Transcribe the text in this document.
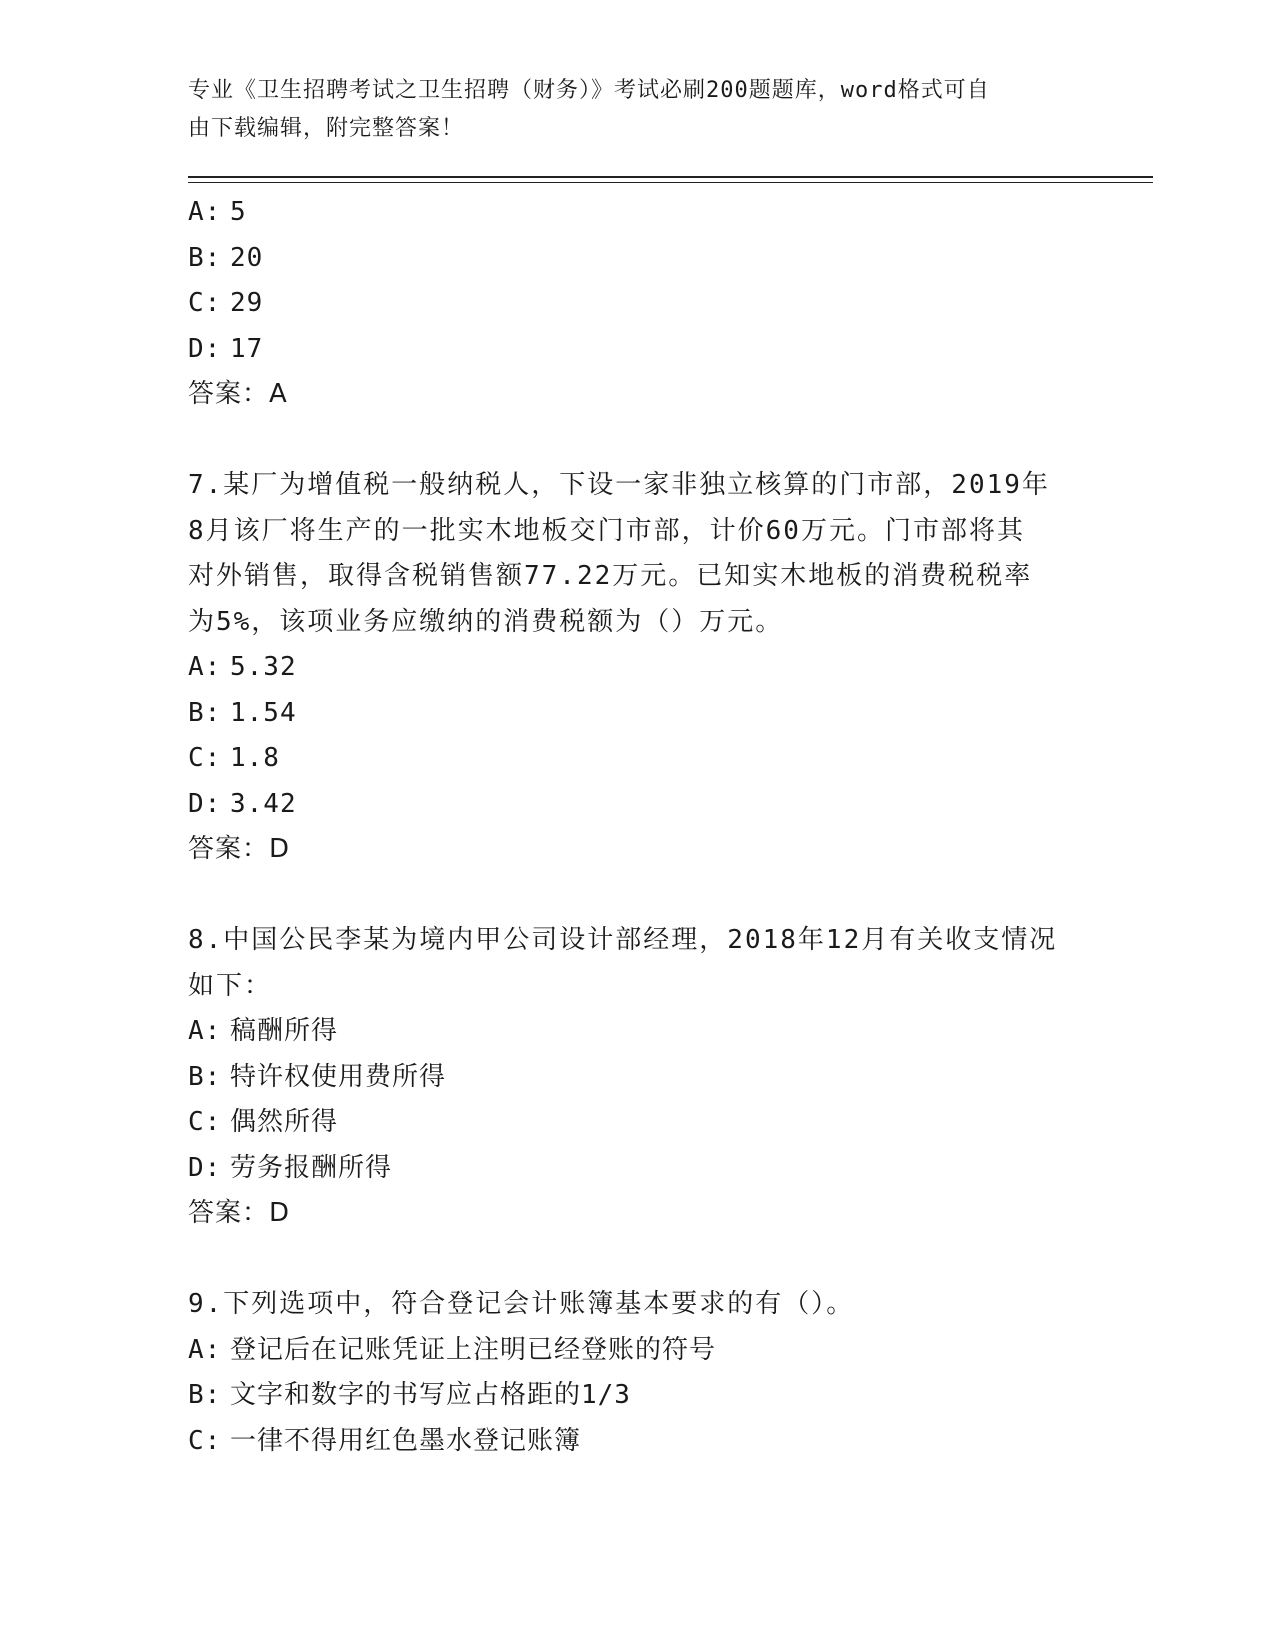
专业《卫生招聘考试之卫生招聘（财务）》考试必刷200题题库，word格式可自
由下载编辑，附完整答案！
A: 5
B: 20
C: 29
D: 17
答案：A
7.某厂为增值税一般纳税人，下设一家非独立核算的门市部，2019年
8月该厂将生产的一批实木地板交门市部，计价60万元。门市部将其
对外销售，取得含税销售额77.22万元。已知实木地板的消费税税率
为5%，该项业务应缴纳的消费税额为（）万元。
A: 5.32
B: 1.54
C: 1.8
D: 3.42
答案：D
8.中国公民李某为境内甲公司设计部经理，2018年12月有关收支情况
如下：
A: 稿酬所得
B: 特许权使用费所得
C: 偶然所得
D: 劳务报酬所得
答案：D
9.下列选项中，符合登记会计账簿基本要求的有（）。
A: 登记后在记账凭证上注明已经登账的符号
B: 文字和数字的书写应占格距的1/3
C: 一律不得用红色墨水登记账簿
